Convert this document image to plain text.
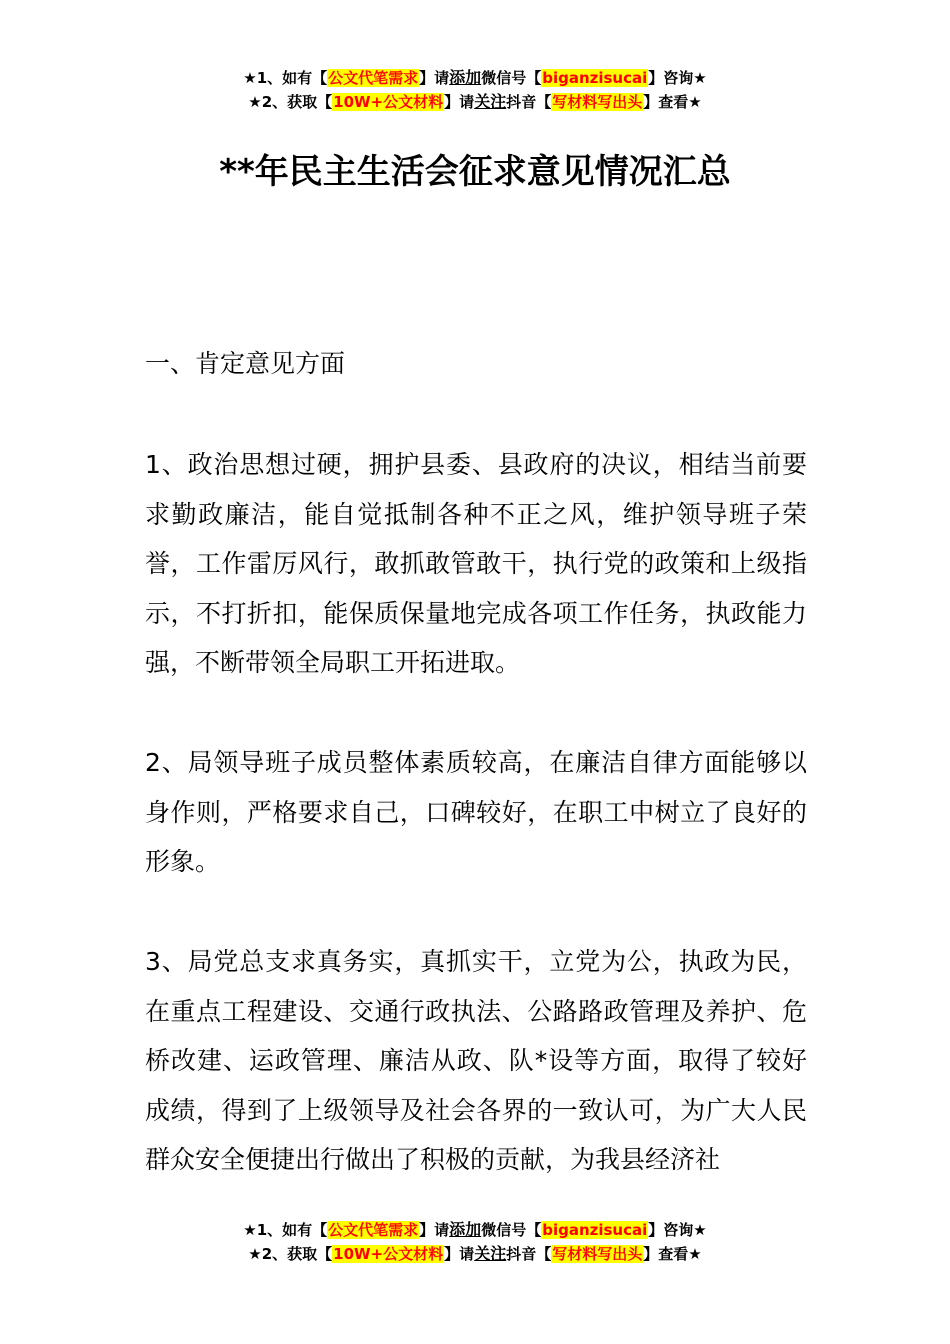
★1、如有【公文代笔需求】请添加微信号【biganzisucai】咨询★
★2、获取【10W+公文材料】请关注抖音【写材料写出头】查看★
**年民主生活会征求意见情况汇总

一、肯定意见方面

1、政治思想过硬，拥护县委、县政府的决议，相结当前要求勤政廉洁，能自觉抵制各种不正之风，维护领导班子荣誉，工作雷厉风行，敢抓敢管敢干，执行党的政策和上级指示，不打折扣，能保质保量地完成各项工作任务，执政能力强，不断带领全局职工开拓进取。

2、局领导班子成员整体素质较高，在廉洁自律方面能够以身作则，严格要求自己，口碑较好，在职工中树立了良好的形象。

3、局党总支求真务实，真抓实干，立党为公，执政为民，在重点工程建设、交通行政执法、公路路政管理及养护、危桥改建、运政管理、廉洁从政、队*设等方面，取得了较好成绩，得到了上级领导及社会各界的一致认可，为广大人民群众安全便捷出行做出了积极的贡献，为我县经济社

★1、如有【公文代笔需求】请添加微信号【biganzisucai】咨询★
★2、获取【10W+公文材料】请关注抖音【写材料写出头】查看★
